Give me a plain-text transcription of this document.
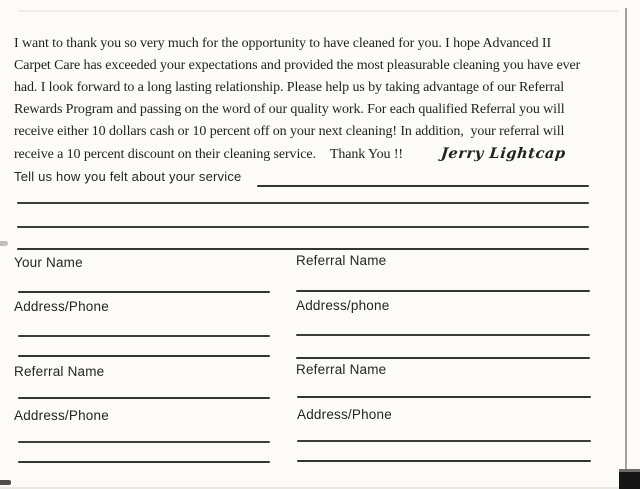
I want to thank you so very much for the opportunity to have cleaned for you. I hope Advanced II
Carpet Care has exceeded your expectations and provided the most pleasurable cleaning you have ever
had. I look forward to a long lasting relationship. Please help us by taking advantage of our Referral
Rewards Program and passing on the word of our quality work. For each qualified Referral you will
receive either 10 dollars cash or 10 percent off on your next cleaning! In addition,  your referral will
receive a 10 percent discount on their cleaning service. Thank You !!	Jerry Lightcap
Tell us how you felt about your service
Your Name	Referral Name
Address/Phone	Address/phone
Referral Name	Referral Name
Address/Phone	Address/Phone
